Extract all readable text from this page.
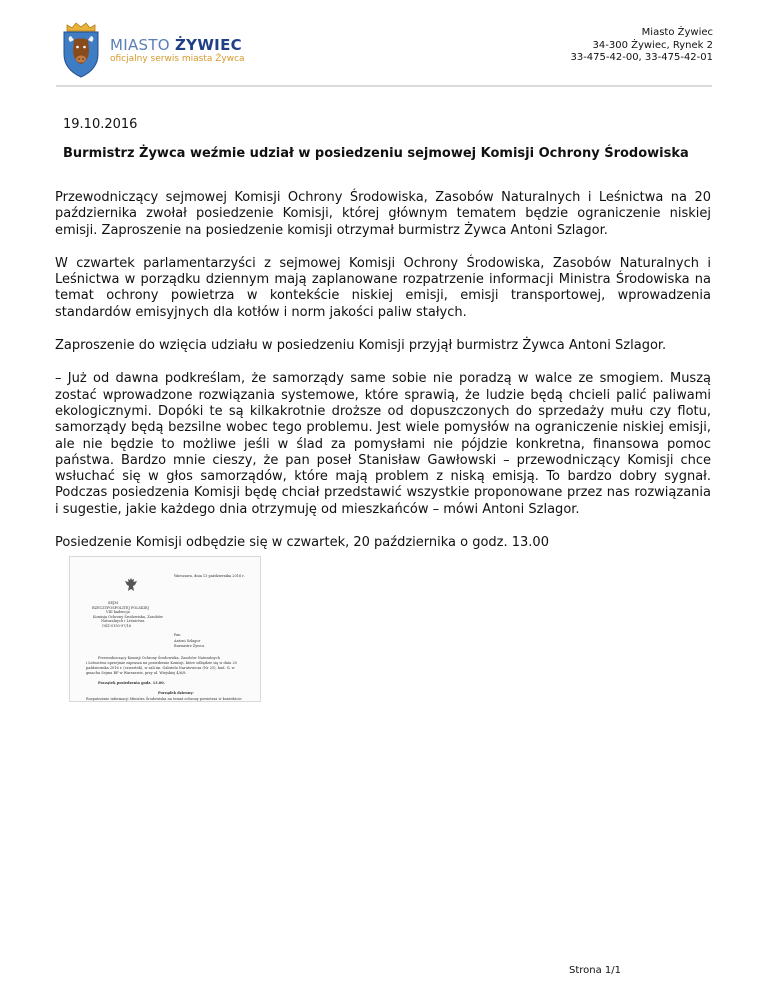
MIASTO ŻYWIEC
oficjalny serwis miasta Żywca
Miasto Żywiec
34-300 Żywiec, Rynek 2
33-475-42-00, 33-475-42-01
19.10.2016
Burmistrz Żywca weźmie udział w posiedzeniu sejmowej Komisji Ochrony Środowiska

Przewodniczący sejmowej Komisji Ochrony Środowiska, Zasobów Naturalnych i Leśnictwa na 20 października zwołał posiedzenie Komisji, której głównym tematem będzie ograniczenie niskiej emisji. Zaproszenie na posiedzenie komisji otrzymał burmistrz Żywca Antoni Szlagor.

W czwartek parlamentarzyści z sejmowej Komisji Ochrony Środowiska, Zasobów Naturalnych i Leśnictwa w porządku dziennym mają zaplanowane rozpatrzenie informacji Ministra Środowiska na temat ochrony powietrza w kontekście niskiej emisji, emisji transportowej, wprowadzenia standardów emisyjnych dla kotłów i norm jakości paliw stałych.

Zaproszenie do wzięcia udziału w posiedzeniu Komisji przyjął burmistrz Żywca Antoni Szlagor.

– Już od dawna podkreślam, że samorządy same sobie nie poradzą w walce ze smogiem. Muszą zostać wprowadzone rozwiązania systemowe, które sprawią, że ludzie będą chcieli palić paliwami ekologicznymi. Dopóki te są kilkakrotnie droższe od dopuszczonych do sprzedaży mułu czy flotu, samorządy będą bezsilne wobec tego problemu. Jest wiele pomysłów na ograniczenie niskiej emisji, ale nie będzie to możliwe jeśli w ślad za pomysłami nie pójdzie konkretna, finansowa pomoc państwa. Bardzo mnie cieszy, że pan poseł Stanisław Gawłowski – przewodniczący Komisji chce wsłuchać się w głos samorządów, które mają problem z niską emisją. To bardzo dobry sygnał. Podczas posiedzenia Komisji będę chciał przedstawić wszystkie proponowane przez nas rozwiązania i sugestie, jakie każdego dnia otrzymuję od mieszkańców – mówi Antoni Szlagor.

Posiedzenie Komisji odbędzie się w czwartek, 20 października o godz. 13.00

Warszawa, dnia 13 października 2016 r.
SEJM
RZECZYPOSPOLITEJ POLSKIEJ
VIII kadencja
Komisja Ochrony Środowiska, Zasobów
Naturalnych i Leśnictwa
OŚZ-0150-97/16
Pan
Antoni Szlagor
Burmistrz Żywca
Przewodniczący Komisji Ochrony Środowiska, Zasobów Naturalnych
i Leśnictwa uprzejmie zaprasza na posiedzenie Komisji, które odbędzie się w dniu 20
października 2016 r. (czwartek), w sali im. Gabriela Narutowicza (Nr 25), bud. G, w
gmachu Sejmu RP w Warszawie, przy ul. Wiejskiej 4/6/8.
Początek posiedzenia godz. 13.00.
Porządek dzienny:
Rozpatrzenie informacji Ministra Środowiska na temat ochrony powietrza w kontekście
Strona 1/1
